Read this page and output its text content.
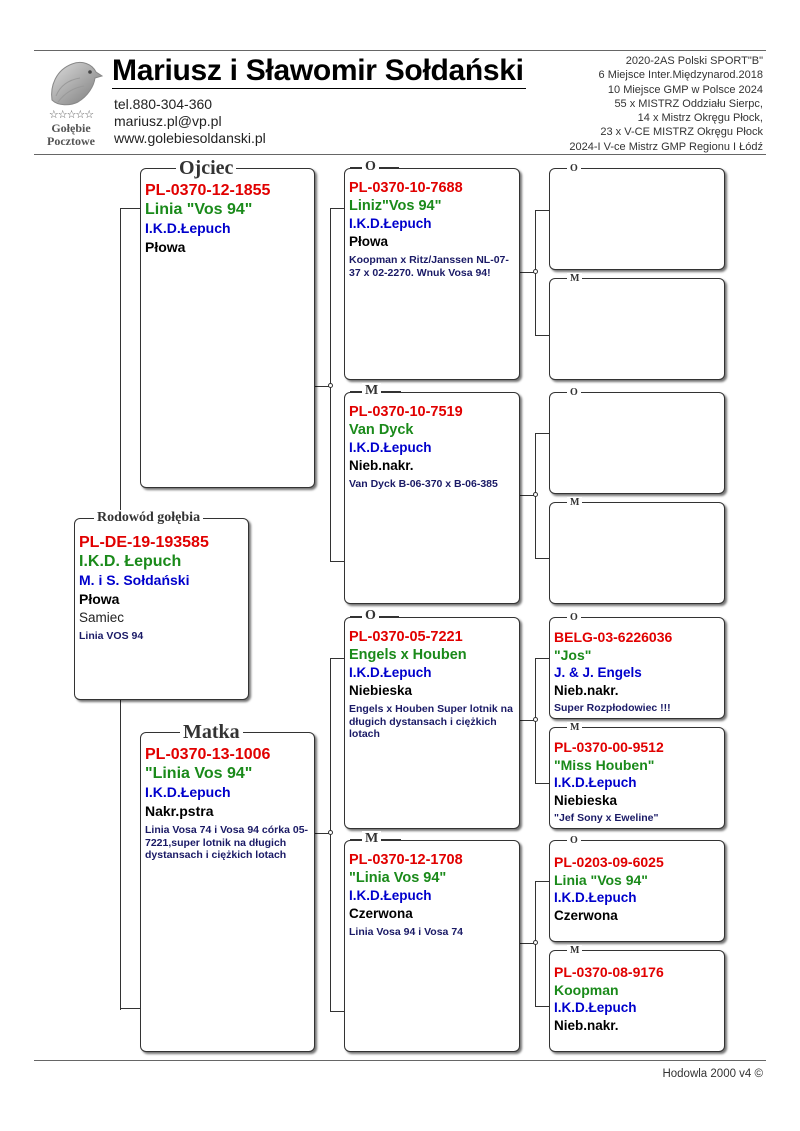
☆☆☆☆☆
Gołębie
Pocztowe
Mariusz i Sławomir Sołdański
tel.880-304-360
mariusz.pl@vp.pl
www.golebiesoldanski.pl
2020-2AS Polski SPORT"B"
6 Miejsce Inter.Międzynarod.2018
10 Miejsce GMP w Polsce 2024
55 x MISTRZ Oddziału Sierpc,
14 x Mistrz Okręgu Płock,
23 x V-CE MISTRZ Okręgu Płock
2024-I V-ce Mistrz GMP Regionu I Łódź
PL-DE-19-193585
I.K.D. Łepuch
M. i S. Sołdański
Płowa
Samiec
Linia VOS 94
Rodowód gołębia
PL-0370-12-1855
Linia "Vos 94"
I.K.D.Łepuch
Płowa
Ojciec
PL-0370-13-1006
"Linia Vos 94"
I.K.D.Łepuch
Nakr.pstra
Linia Vosa 74 i Vosa 94 córka 05-7221,super lotnik na długich dystansach i ciężkich lotach
Matka
PL-0370-10-7688
Liniz"Vos 94"
I.K.D.Łepuch
Płowa
Koopman x Ritz/Janssen NL-07-37 x 02-2270. Wnuk Vosa 94!
O
PL-0370-10-7519
Van Dyck
I.K.D.Łepuch
Nieb.nakr.
Van Dyck B-06-370 x B-06-385
M
PL-0370-05-7221
Engels x Houben
I.K.D.Łepuch
Niebieska
Engels x Houben Super lotnik na długich dystansach i ciężkich lotach
O
PL-0370-12-1708
"Linia Vos 94"
I.K.D.Łepuch
Czerwona
Linia Vosa 94 i Vosa 74
M
O
M
O
M
BELG-03-6226036
"Jos"
J. & J. Engels
Nieb.nakr.
Super Rozpłodowiec !!!
O
PL-0370-00-9512
"Miss Houben"
I.K.D.Łepuch
Niebieska
"Jef Sony x Eweline"
M
PL-0203-09-6025
Linia "Vos 94"
I.K.D.Łepuch
Czerwona
O
PL-0370-08-9176
Koopman
I.K.D.Łepuch
Nieb.nakr.
M
Hodowla 2000 v4 ©
